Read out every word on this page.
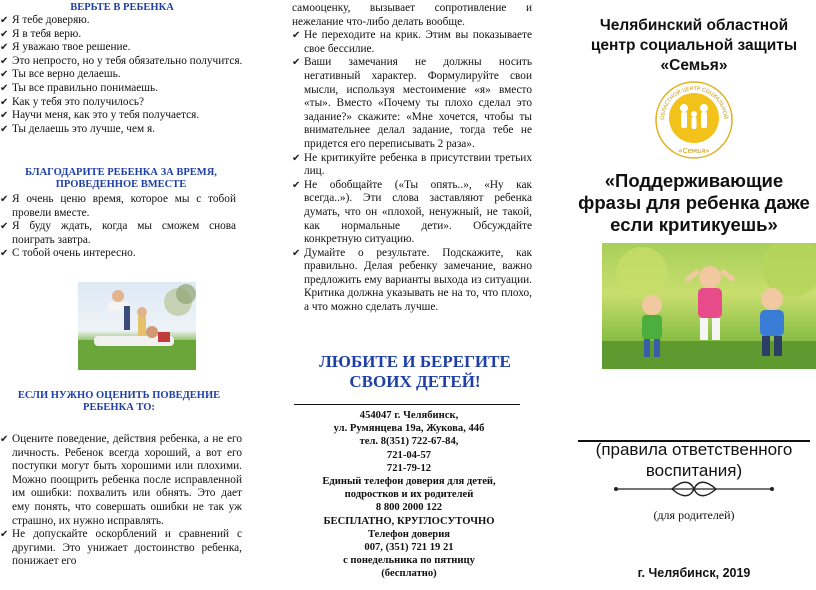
ВЕРЬТЕ В РЕБЕНКА
✔ Я тебе доверяю.
✔ Я в тебя верю.
✔ Я уважаю твое решение.
✔ Это непросто, но у тебя обязательно получится.
✔ Ты все верно делаешь.
✔ Ты все правильно понимаешь.
✔ Как у тебя это получилось?
✔ Научи меня, как это у тебя получается.
✔ Ты делаешь это лучше, чем я.
БЛАГОДАРИТЕ РЕБЕНКА ЗА ВРЕМЯ, ПРОВЕДЕННОЕ ВМЕСТЕ
✔ Я очень ценю время, которое мы с тобой провели вместе.
✔ Я буду ждать, когда мы сможем снова поиграть завтра.
✔ С тобой очень интересно.
ЕСЛИ НУЖНО ОЦЕНИТЬ ПОВЕДЕНИЕ РЕБЕНКА ТО:
✔ Оцените поведение, действия ребенка, а не его личность. Ребенок всегда хороший, а вот его поступки могут быть хорошими или плохими. Можно поощрить ребенка после исправленной им ошибки: похвалить или обнять. Это дает ему понять, что совершать ошибки не так уж страшно, их нужно исправлять.
✔ Не допускайте оскорблений и сравнений с другими. Это унижает достоинство ребенка, понижает его
самооценку, вызывает сопротивление и нежелание что-либо делать вообще.
✔ Не переходите на крик. Этим вы показываете свое бессилие.
✔ Ваши замечания не должны носить негативный характер. Формулируйте свои мысли, используя местоимение «я» вместо «ты». Вместо «Почему ты плохо сделал это задание?» скажите: «Мне хочется, чтобы ты внимательнее делал задание, тогда тебе не придется его переписывать 2 раза».
✔ Не критикуйте ребенка в присутствии третьих лиц.
✔ Не обобщайте («Ты опять..», «Ну как всегда..»). Эти слова заставляют ребенка думать, что он «плохой, ненужный, не такой, как нормальные дети». Обсуждайте конкретную ситуацию.
✔ Думайте о результате. Подскажите, как правильно. Делая ребенку замечание, важно предложить ему варианты выхода из ситуации. Критика должна указывать не на то, что плохо, а что можно сделать лучше.
ЛЮБИТЕ И БЕРЕГИТЕ СВОИХ ДЕТЕЙ!
454047 г. Челябинск,
ул. Румянцева 19а, Жукова, 44б
тел. 8(351) 722-67-84,
721-04-57
721-79-12
Единый телефон доверия для детей,
подростков и их родителей
8 800 2000 122
БЕСПЛАТНО, КРУГЛОСУТОЧНО
Телефон доверия
007, (351) 721 19 21
с понедельника по пятницу
(бесплатно)
Челябинский областной
центр социальной защиты
«Семья»
ОБЛАСТНОЙ ЦЕНТР СОЦИАЛЬНОЙ
«Семья»
«Поддерживающие фразы для ребенка даже если критикуешь»
(правила ответственного воспитания)
(для родителей)
г. Челябинск, 2019
